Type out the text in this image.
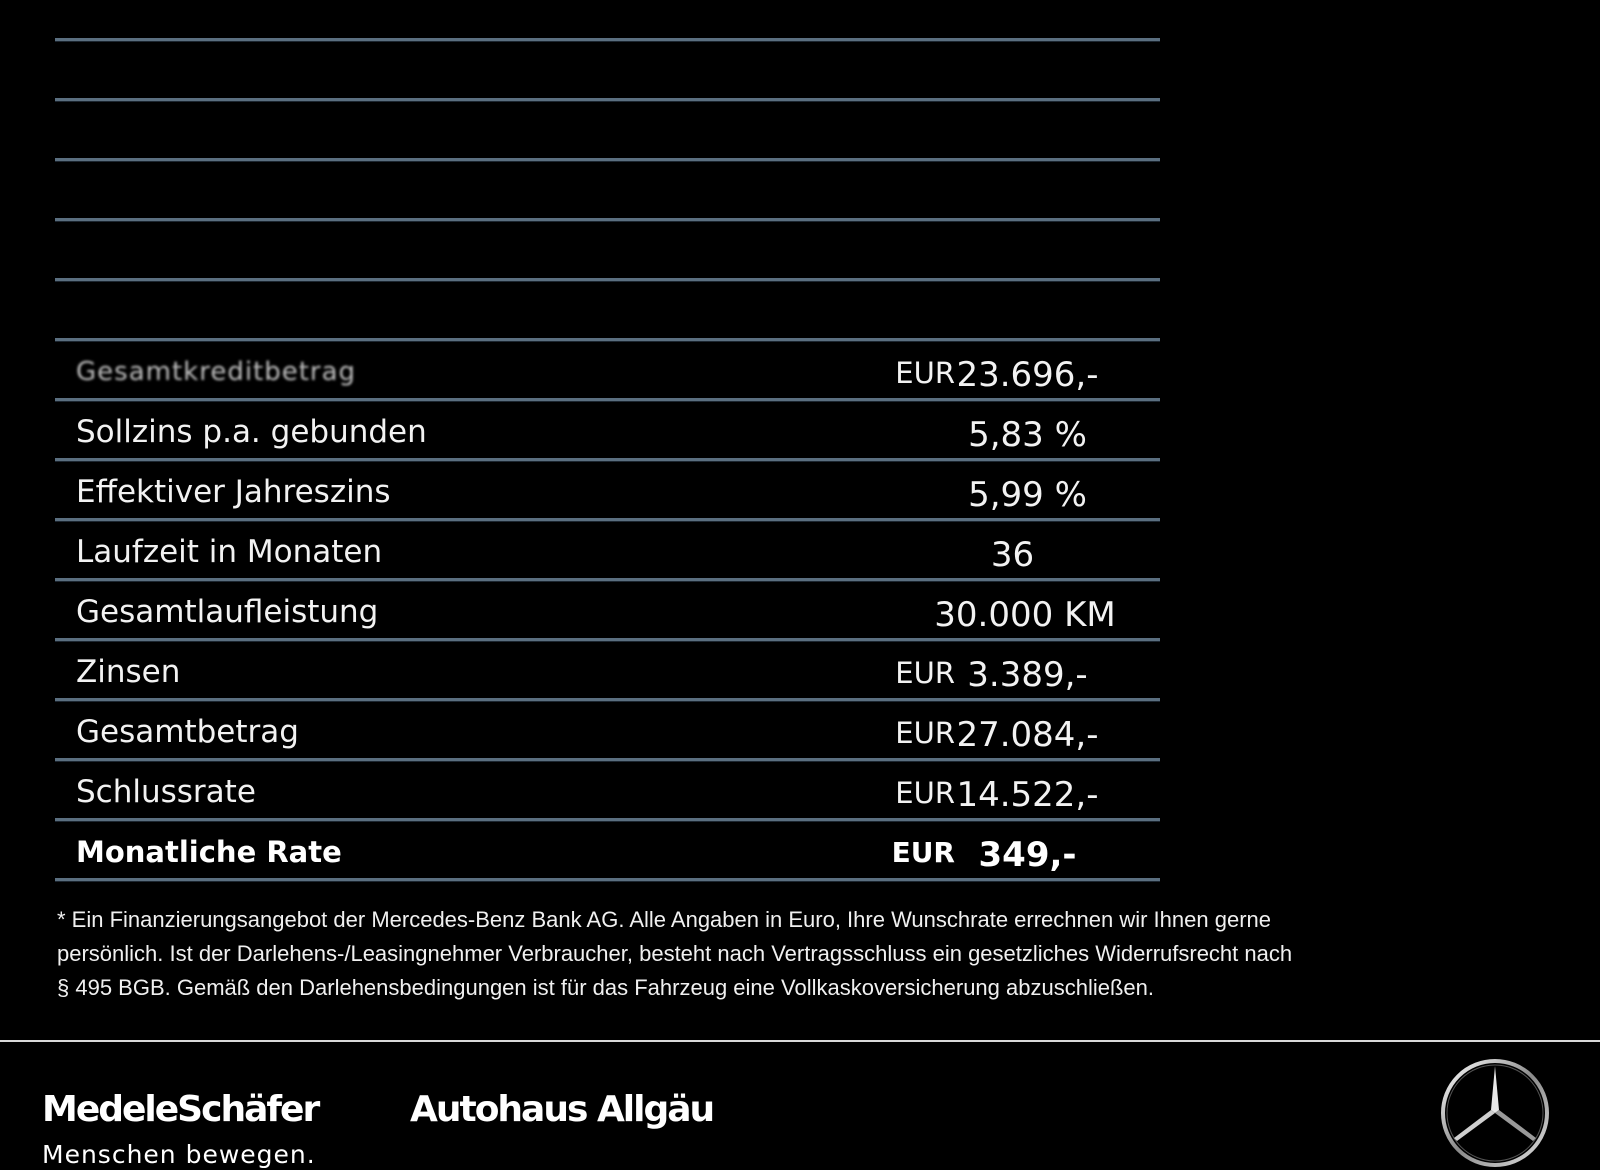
Gesamtkreditbetrag	EUR 23.696,-
Sollzins p.a. gebunden	5,83 %
Effektiver Jahreszins	5,99 %
Laufzeit in Monaten	36
Gesamtlaufleistung	30.000 KM
Zinsen	EUR 3.389,-
Gesamtbetrag	EUR 27.084,-
Schlussrate	EUR 14.522,-
Monatliche Rate	EUR 349,-

* Ein Finanzierungsangebot der Mercedes-Benz Bank AG. Alle Angaben in Euro, Ihre Wunschrate errechnen wir Ihnen gerne

persönlich. Ist der Darlehens-/Leasingnehmer Verbraucher, besteht nach Vertragsschluss ein gesetzliches Widerrufsrecht nach

§ 495 BGB. Gemäß den Darlehensbedingungen ist für das Fahrzeug eine Vollkaskoversicherung abzuschließen.

MedeleSchäfer
Menschen bewegen.
Autohaus Allgäu
